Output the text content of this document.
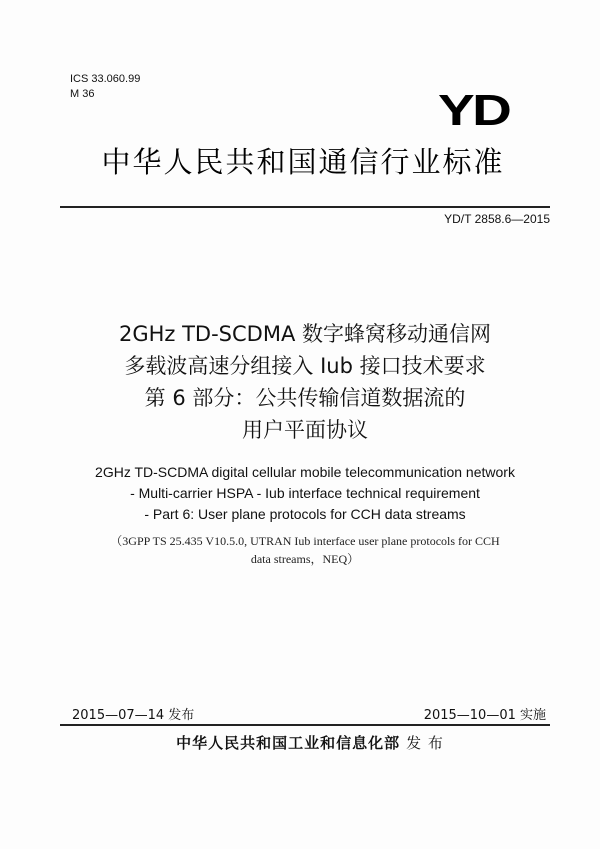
ICS 33.060.99
M 36	YD
中华人民共和国通信行业标准
YD/T 2858.6—2015
2GHz TD-SCDMA 数字蜂窝移动通信网
多载波高速分组接入 Iub 接口技术要求
第 6 部分：公共传输信道数据流的
用户平面协议
2GHz TD-SCDMA digital cellular mobile telecommunication network
- Multi-carrier HSPA - Iub interface technical requirement
- Part 6: User plane protocols for CCH data streams
（3GPP TS 25.435 V10.5.0, UTRAN Iub interface user plane protocols for CCH
data streams，NEQ）
2015—07—14 发布	2015—10—01 实施
中华人民共和国工业和信息化部 发 布
